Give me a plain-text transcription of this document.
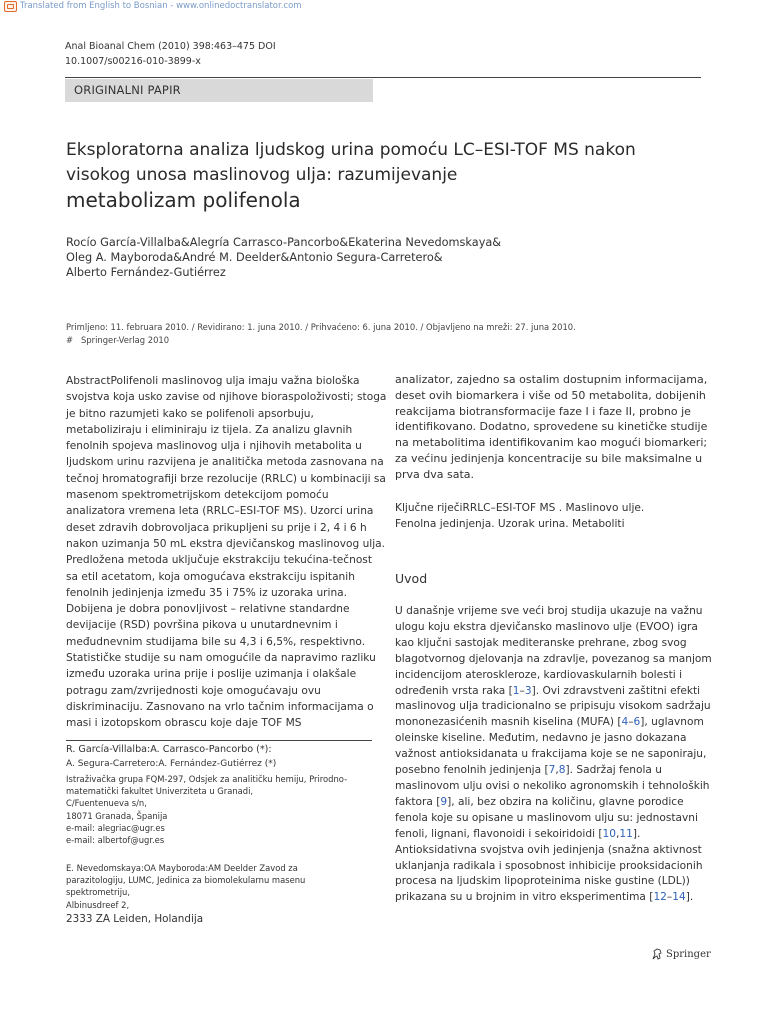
Translated from English to Bosnian - www.onlinedoctranslator.com
Anal Bioanal Chem (2010) 398:463–475 DOI
10.1007/s00216-010-3899-x
ORIGINALNI PAPIR
Eksploratorna analiza ljudskog urina pomoću LC–ESI-TOF MS nakon
visokog unosa maslinovog ulja: razumijevanje
metabolizam polifenola
Rocío García-Villalba&Alegría Carrasco-Pancorbo&Ekaterina Nevedomskaya&
Oleg A. Mayboroda&André M. Deelder&Antonio Segura-Carretero&
Alberto Fernández-Gutiérrez
Primljeno: 11. februara 2010. / Revidirano: 1. juna 2010. / Prihvaćeno: 6. juna 2010. / Objavljeno na mreži: 27. juna 2010.
# Springer-Verlag 2010
AbstractPolifenoli maslinovog ulja imaju važna biološka
svojstva koja usko zavise od njihove bioraspoloživosti; stoga
je bitno razumjeti kako se polifenoli apsorbuju,
metaboliziraju i eliminiraju iz tijela. Za analizu glavnih
fenolnih spojeva maslinovog ulja i njihovih metabolita u
ljudskom urinu razvijena je analitička metoda zasnovana na
tečnoj hromatografiji brze rezolucije (RRLC) u kombinaciji sa
masenom spektrometrijskom detekcijom pomoću
analizatora vremena leta (RRLC–ESI-TOF MS). Uzorci urina
deset zdravih dobrovoljaca prikupljeni su prije i 2, 4 i 6 h
nakon uzimanja 50 mL ekstra djevičanskog maslinovog ulja.
Predložena metoda uključuje ekstrakciju tekućina-tečnost
sa etil acetatom, koja omogućava ekstrakciju ispitanih
fenolnih jedinjenja između 35 i 75% iz uzoraka urina.
Dobijena je dobra ponovljivost – relativne standardne
devijacije (RSD) površina pikova u unutardnevnim i
međudnevnim studijama bile su 4,3 i 6,5%, respektivno.
Statističke studije su nam omogućile da napravimo razliku
između uzoraka urina prije i poslije uzimanja i olakšale
potragu zam/zvrijednosti koje omogućavaju ovu
diskriminaciju. Zasnovano na vrlo tačnim informacijama o
masi i izotopskom obrascu koje daje TOF MS
analizator, zajedno sa ostalim dostupnim informacijama,
deset ovih biomarkera i više od 50 metabolita, dobijenih
reakcijama biotransformacije faze I i faze II, probno je
identifikovano. Dodatno, sprovedene su kinetičke studije
na metabolitima identifikovanim kao mogući biomarkeri;
za većinu jedinjenja koncentracije su bile maksimalne u
prva dva sata.
Ključne riječiRRLC–ESI-TOF MS . Maslinovo ulje.
Fenolna jedinjenja. Uzorak urina. Metaboliti
Uvod
U današnje vrijeme sve veći broj studija ukazuje na važnu
ulogu koju ekstra djevičansko maslinovo ulje (EVOO) igra
kao ključni sastojak mediteranske prehrane, zbog svog
blagotvornog djelovanja na zdravlje, povezanog sa manjom
incidencijom ateroskleroze, kardiovaskularnih bolesti i
određenih vrsta raka [1–3]. Ovi zdravstveni zaštitni efekti
maslinovog ulja tradicionalno se pripisuju visokom sadržaju
mononezasićenih masnih kiselina (MUFA) [4–6], uglavnom
oleinske kiseline. Međutim, nedavno je jasno dokazana
važnost antioksidanata u frakcijama koje se ne saponiraju,
posebno fenolnih jedinjenja [7,8]. Sadržaj fenola u
maslinovom ulju ovisi o nekoliko agronomskih i tehnoloških
faktora [9], ali, bez obzira na količinu, glavne porodice
fenola koje su opisane u maslinovom ulju su: jednostavni
fenoli, lignani, flavonoidi i sekoiridoidi [10,11].
Antioksidativna svojstva ovih jedinjenja (snažna aktivnost
uklanjanja radikala i sposobnost inhibicije prooksidacionih
procesa na ljudskim lipoproteinima niske gustine (LDL))
prikazana su u brojnim in vitro eksperimentima [12–14].
R. García-Villalba:A. Carrasco-Pancorbo (*):
A. Segura-Carretero:A. Fernández-Gutiérrez (*)
Istraživačka grupa FQM-297, Odsjek za analitičku hemiju, Prirodno-
matematički fakultet Univerziteta u Granadi,
C/Fuentenueva s/n,
18071 Granada, Španija
e-mail: alegriac@ugr.es
e-mail: albertof@ugr.es
E. Nevedomskaya:OA Mayboroda:AM Deelder Zavod za
parazitologiju, LUMC, Jedinica za biomolekularnu masenu
spektrometriju,
Albinusdreef 2,
2333 ZA Leiden, Holandija
Springer
